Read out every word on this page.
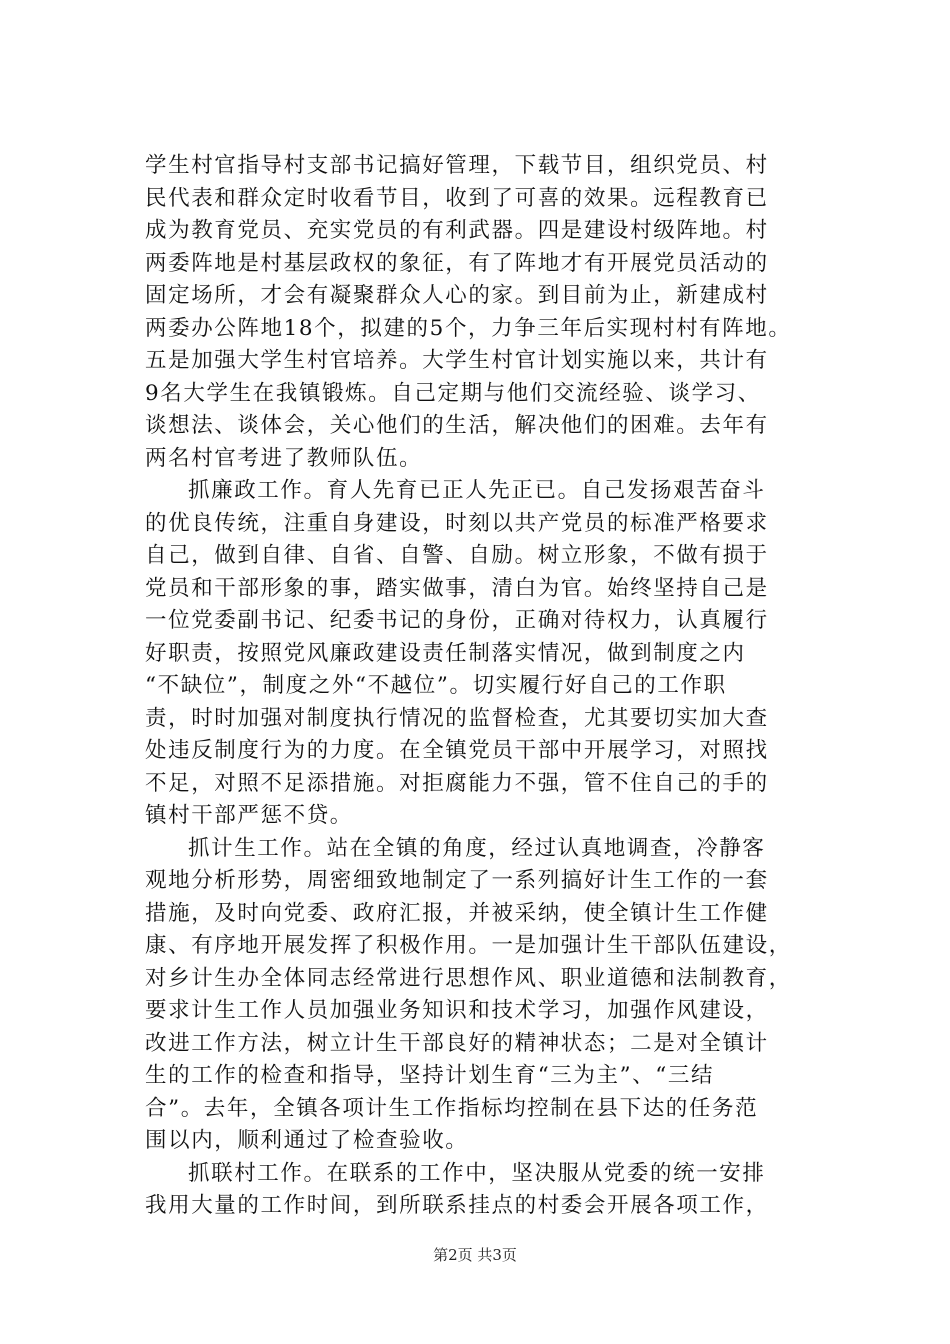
学生村官指导村支部书记搞好管理，下载节目，组织党员、村
民代表和群众定时收看节目，收到了可喜的效果。远程教育已
成为教育党员、充实党员的有利武器。四是建设村级阵地。村
两委阵地是村基层政权的象征，有了阵地才有开展党员活动的
固定场所，才会有凝聚群众人心的家。到目前为止，新建成村
两委办公阵地18个，拟建的5个，力争三年后实现村村有阵地。
五是加强大学生村官培养。大学生村官计划实施以来，共计有
9名大学生在我镇锻炼。自己定期与他们交流经验、谈学习、
谈想法、谈体会，关心他们的生活，解决他们的困难。去年有
两名村官考进了教师队伍。
抓廉政工作。育人先育已正人先正已。自己发扬艰苦奋斗
的优良传统，注重自身建设，时刻以共产党员的标准严格要求
自己，做到自律、自省、自警、自励。树立形象，不做有损于
党员和干部形象的事，踏实做事，清白为官。始终坚持自己是
一位党委副书记、纪委书记的身份，正确对待权力，认真履行
好职责，按照党风廉政建设责任制落实情况，做到制度之内
“不缺位”，制度之外“不越位”。切实履行好自己的工作职
责，时时加强对制度执行情况的监督检查，尤其要切实加大查
处违反制度行为的力度。在全镇党员干部中开展学习，对照找
不足，对照不足添措施。对拒腐能力不强，管不住自己的手的
镇村干部严惩不贷。
抓计生工作。站在全镇的角度，经过认真地调查，冷静客
观地分析形势，周密细致地制定了一系列搞好计生工作的一套
措施，及时向党委、政府汇报，并被采纳，使全镇计生工作健
康、有序地开展发挥了积极作用。一是加强计生干部队伍建设，
对乡计生办全体同志经常进行思想作风、职业道德和法制教育，
要求计生工作人员加强业务知识和技术学习，加强作风建设，
改进工作方法，树立计生干部良好的精神状态；二是对全镇计
生的工作的检查和指导，坚持计划生育“三为主”、“三结
合”。去年，全镇各项计生工作指标均控制在县下达的任务范
围以内，顺利通过了检查验收。
抓联村工作。在联系的工作中，坚决服从党委的统一安排
我用大量的工作时间，到所联系挂点的村委会开展各项工作，
第2页 共3页
